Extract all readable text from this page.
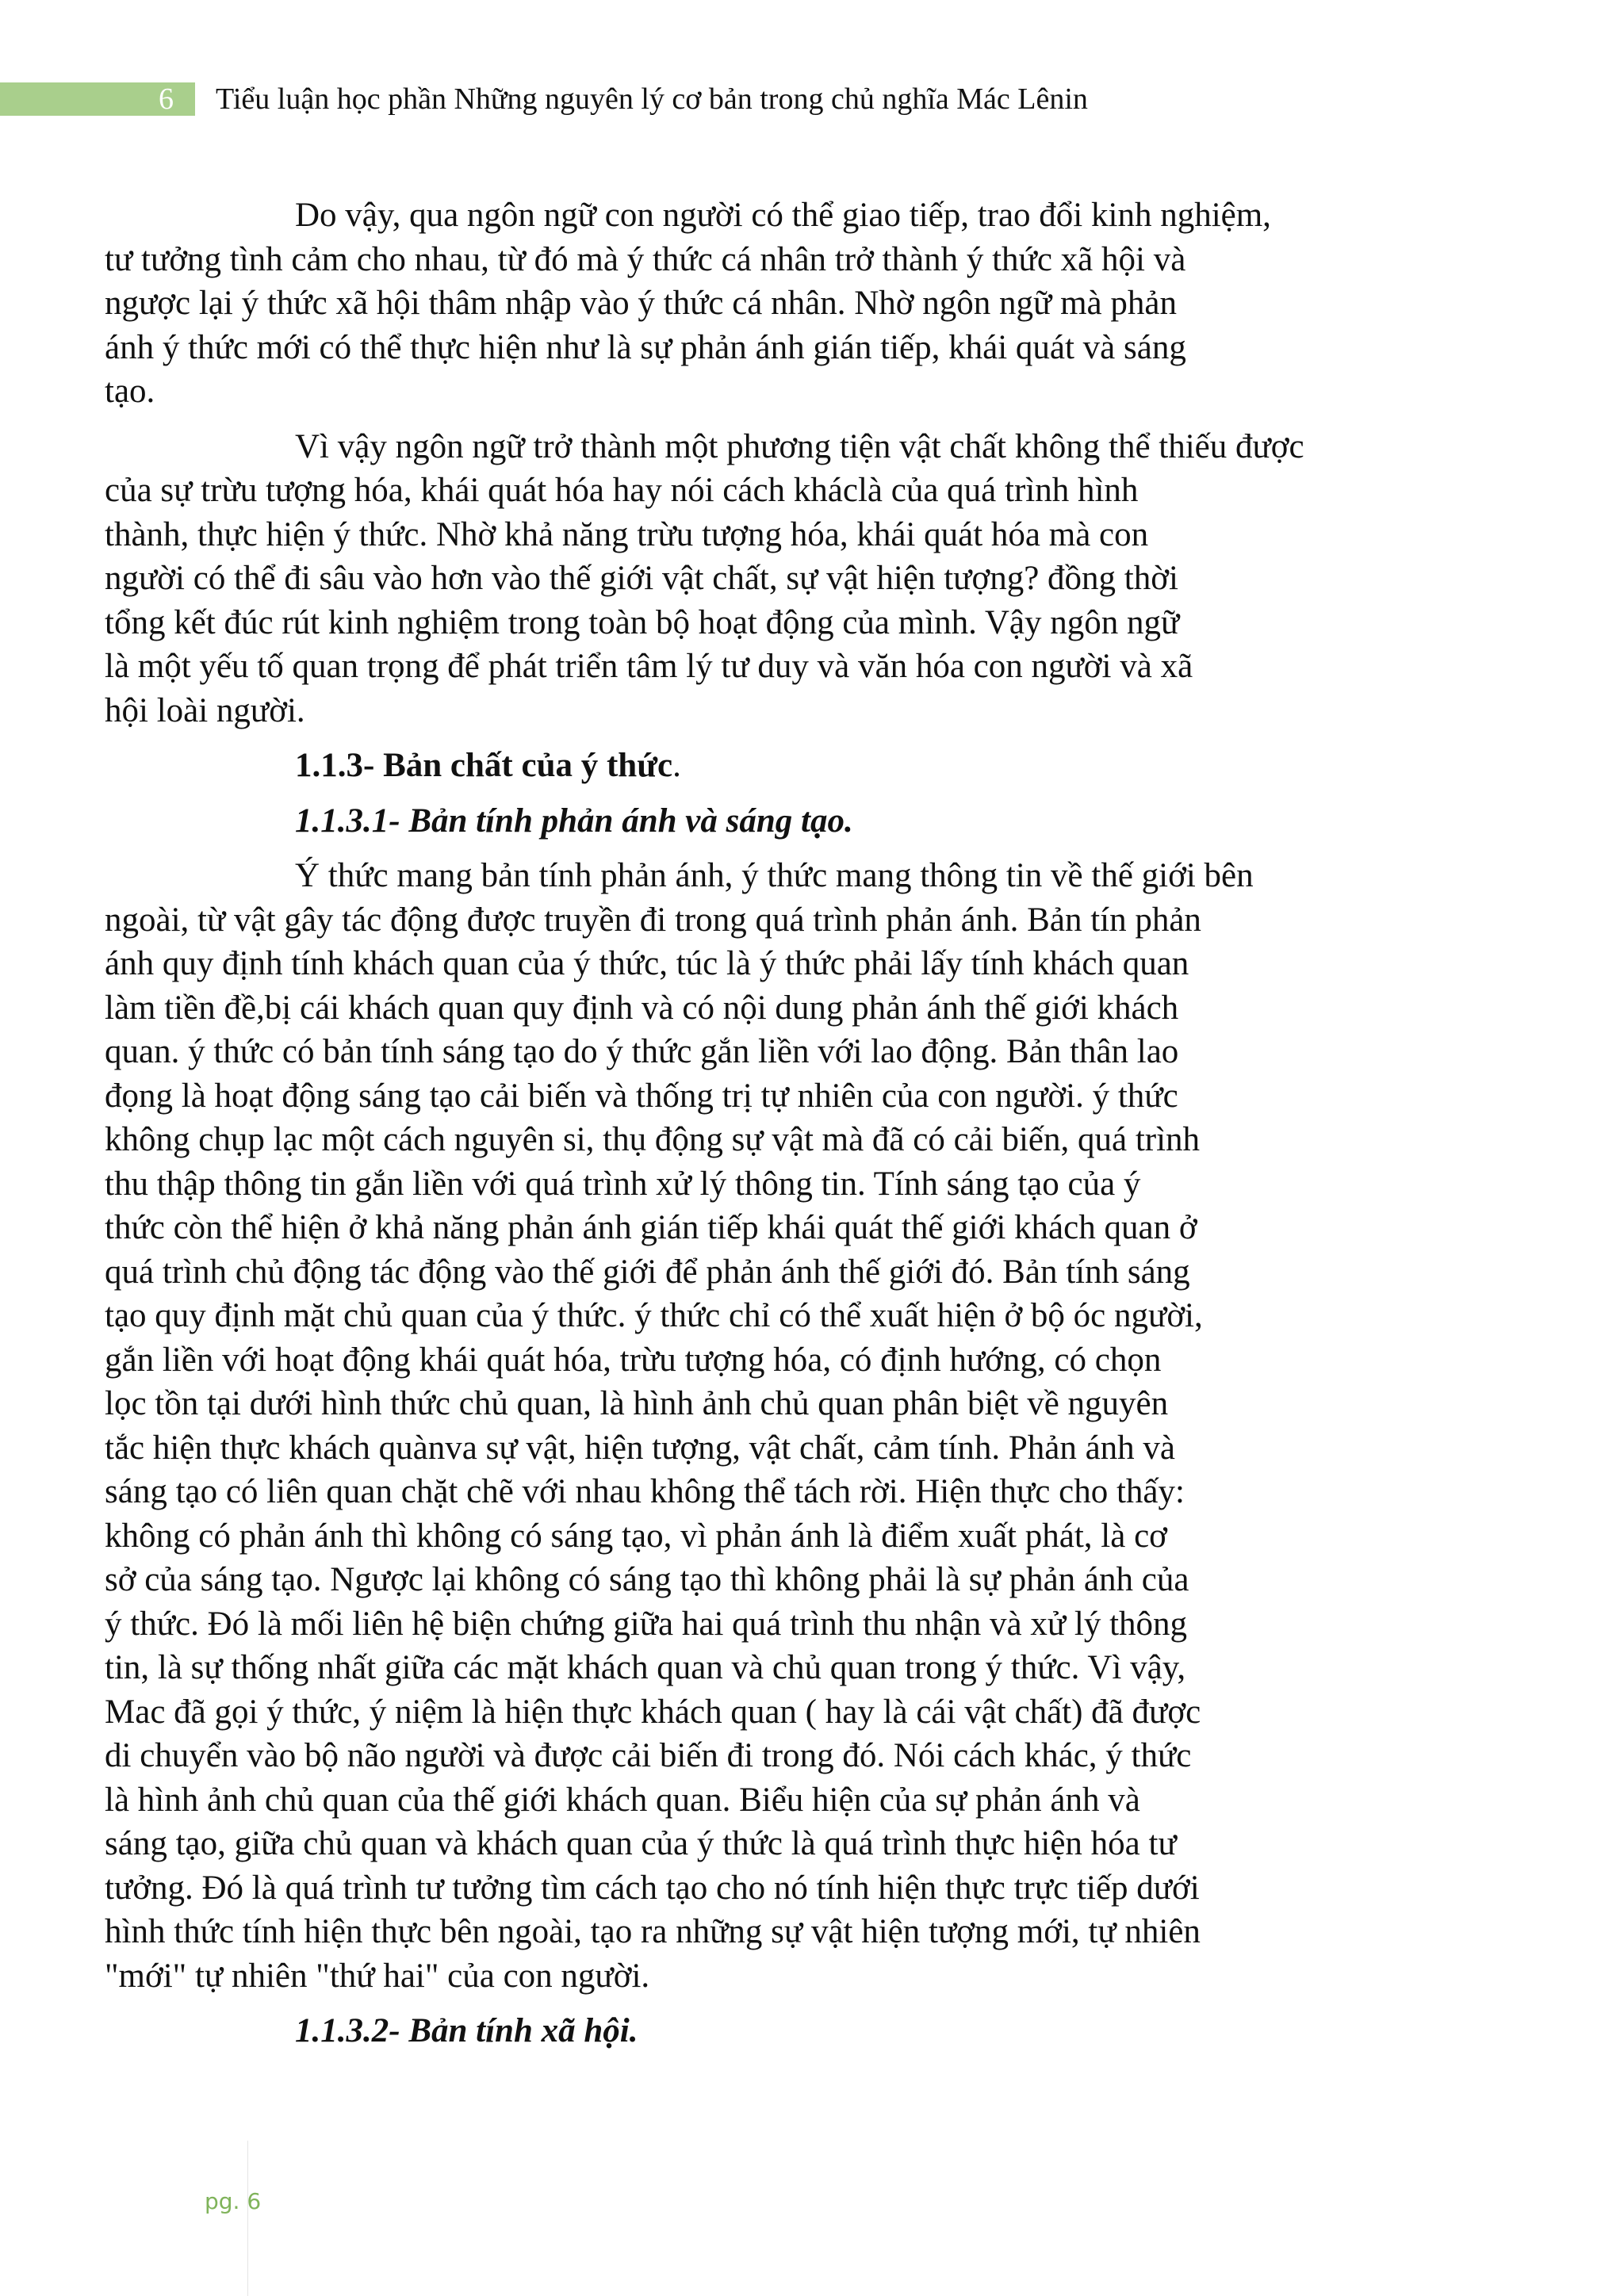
6 Tiểu luận học phần Những nguyên lý cơ bản trong chủ nghĩa Mác Lênin

Do vậy, qua ngôn ngữ con người có thể giao tiếp, trao đổi kinh nghiệm,
tư tưởng tình cảm cho nhau, từ đó mà ý thức cá nhân trở thành ý thức xã hội và
ngược lại ý thức xã hội thâm nhập vào ý thức cá nhân. Nhờ ngôn ngữ mà phản
ánh ý thức mới có thể thực hiện như là sự phản ánh gián tiếp, khái quát và sáng
tạo.

Vì vậy ngôn ngữ trở thành một phương tiện vật chất không thể thiếu được
của sự trừu tượng hóa, khái quát hóa hay nói cách kháclà của quá trình hình
thành, thực hiện ý thức. Nhờ khả năng trừu tượng hóa, khái quát hóa mà con
người có thể đi sâu vào hơn vào thế giới vật chất, sự vật hiện tượng? đồng thời
tổng kết đúc rút kinh nghiệm trong toàn bộ hoạt động của mình. Vậy ngôn ngữ
là một yếu tố quan trọng để phát triển tâm lý tư duy và văn hóa con người và xã
hội loài người.

1.1.3- Bản chất của ý thức.
1.1.3.1- Bản tính phản ánh và sáng tạo.

Ý thức mang bản tính phản ánh, ý thức mang thông tin về thế giới bên
ngoài, từ vật gây tác động được truyền đi trong quá trình phản ánh. Bản tín phản
ánh quy định tính khách quan của ý thức, túc là ý thức phải lấy tính khách quan
làm tiền đề,bị cái khách quan quy định và có nội dung phản ánh thế giới khách
quan. ý thức có bản tính sáng tạo do ý thức gắn liền với lao động. Bản thân lao
đọng là hoạt động sáng tạo cải biến và thống trị tự nhiên của con người. ý thức
không chụp lạc một cách nguyên si, thụ động sự vật mà đã có cải biến, quá trình
thu thập thông tin gắn liền với quá trình xử lý thông tin. Tính sáng tạo của ý
thức còn thể hiện ở khả năng phản ánh gián tiếp khái quát thế giới khách quan ở
quá trình chủ động tác động vào thế giới để phản ánh thế giới đó. Bản tính sáng
tạo quy định mặt chủ quan của ý thức. ý thức chỉ có thể xuất hiện ở bộ óc người,
gắn liền với hoạt động khái quát hóa, trừu tượng hóa, có định hướng, có chọn
lọc tồn tại dưới hình thức chủ quan, là hình ảnh chủ quan phân biệt về nguyên
tắc hiện thực khách quànva sự vật, hiện tượng, vật chất, cảm tính. Phản ánh và
sáng tạo có liên quan chặt chẽ với nhau không thể tách rời. Hiện thực cho thấy:
không có phản ánh thì không có sáng tạo, vì phản ánh là điểm xuất phát, là cơ
sở của sáng tạo. Ngược lại không có sáng tạo thì không phải là sự phản ánh của
ý thức. Đó là mối liên hệ biện chứng giữa hai quá trình thu nhận và xử lý thông
tin, là sự thống nhất giữa các mặt khách quan và chủ quan trong ý thức. Vì vậy,
Mac đã gọi ý thức, ý niệm là hiện thực khách quan ( hay là cái vật chất) đã được
di chuyển vào bộ não người và được cải biến đi trong đó. Nói cách khác, ý thức
là hình ảnh chủ quan của thế giới khách quan. Biểu hiện của sự phản ánh và
sáng tạo, giữa chủ quan và khách quan của ý thức là quá trình thực hiện hóa tư
tưởng. Đó là quá trình tư tưởng tìm cách tạo cho nó tính hiện thực trực tiếp dưới
hình thức tính hiện thực bên ngoài, tạo ra những sự vật hiện tượng mới, tự nhiên
"mới" tự nhiên "thứ hai" của con người.

1.1.3.2- Bản tính xã hội.
pg. 6
